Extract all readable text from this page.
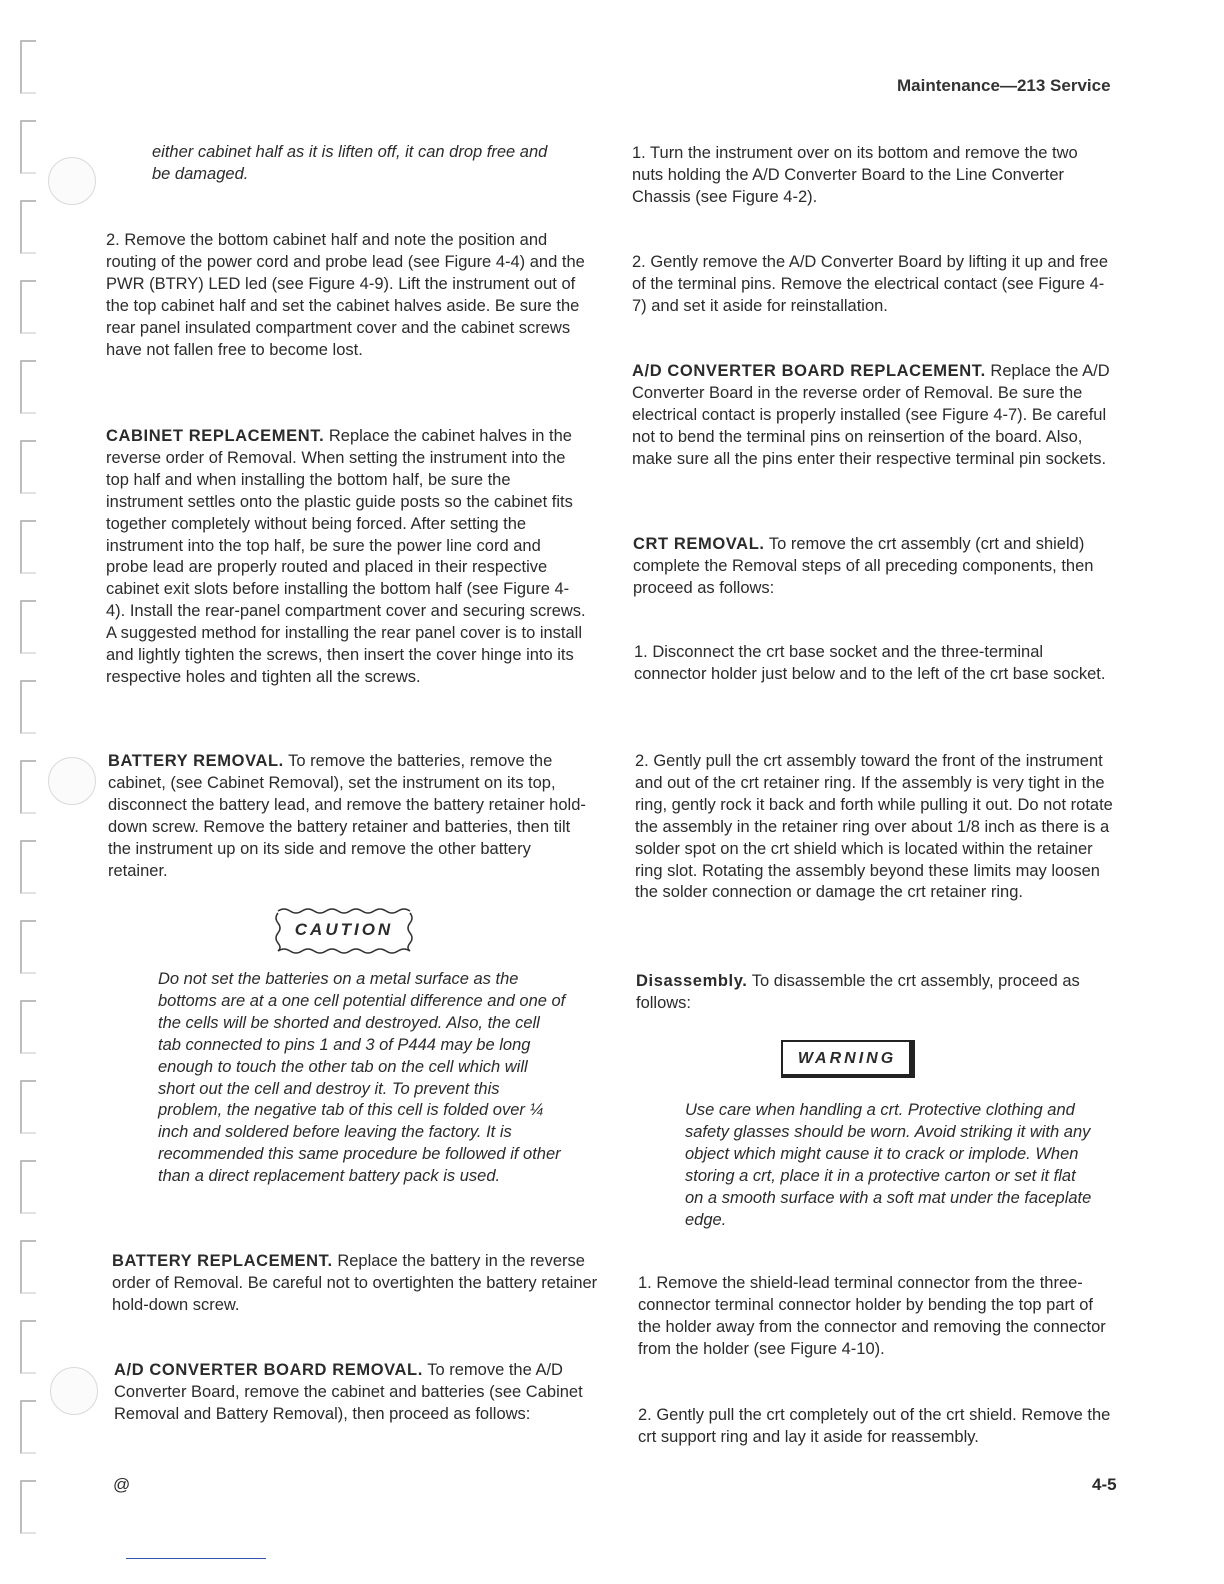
Maintenance—213 Service

either cabinet half as it is liften off, it can drop free and be damaged.

2. Remove the bottom cabinet half and note the position and routing of the power cord and probe lead (see Figure 4-4) and the PWR (BTRY) LED led (see Figure 4-9). Lift the instrument out of the top cabinet half and set the cabinet halves aside. Be sure the rear panel insulated compartment cover and the cabinet screws have not fallen free to become lost.

CABINET REPLACEMENT. Replace the cabinet halves in the reverse order of Removal. When setting the instrument into the top half and when installing the bottom half, be sure the instrument settles onto the plastic guide posts so the cabinet fits together completely without being forced. After setting the instrument into the top half, be sure the power line cord and probe lead are properly routed and placed in their respective cabinet exit slots before installing the bottom half (see Figure 4-4). Install the rear-panel compartment cover and securing screws. A suggested method for installing the rear panel cover is to install and lightly tighten the screws, then insert the cover hinge into its respective holes and tighten all the screws.

BATTERY REMOVAL. To remove the batteries, remove the cabinet, (see Cabinet Removal), set the instrument on its top, disconnect the battery lead, and remove the battery retainer hold-down screw. Remove the battery retainer and batteries, then tilt the instrument up on its side and remove the other battery retainer.

Do not set the batteries on a metal surface as the bottoms are at a one cell potential difference and one of the cells will be shorted and destroyed. Also, the cell tab connected to pins 1 and 3 of P444 may be long enough to touch the other tab on the cell which will short out the cell and destroy it. To prevent this problem, the negative tab of this cell is folded over ¼ inch and soldered before leaving the factory. It is recommended this same procedure be followed if other than a direct replacement battery pack is used.

BATTERY REPLACEMENT. Replace the battery in the reverse order of Removal. Be careful not to overtighten the battery retainer hold-down screw.

A/D CONVERTER BOARD REMOVAL. To remove the A/D Converter Board, remove the cabinet and batteries (see Cabinet Removal and Battery Removal), then proceed as follows:

CAUTION

1. Turn the instrument over on its bottom and remove the two nuts holding the A/D Converter Board to the Line Converter Chassis (see Figure 4-2).

2. Gently remove the A/D Converter Board by lifting it up and free of the terminal pins. Remove the electrical contact (see Figure 4-7) and set it aside for reinstallation.

A/D CONVERTER BOARD REPLACEMENT. Replace the A/D Converter Board in the reverse order of Removal. Be sure the electrical contact is properly installed (see Figure 4-7). Be careful not to bend the terminal pins on reinsertion of the board. Also, make sure all the pins enter their respective terminal pin sockets.

CRT REMOVAL. To remove the crt assembly (crt and shield) complete the Removal steps of all preceding components, then proceed as follows:

1. Disconnect the crt base socket and the three-terminal connector holder just below and to the left of the crt base socket.

2. Gently pull the crt assembly toward the front of the instrument and out of the crt retainer ring. If the assembly is very tight in the ring, gently rock it back and forth while pulling it out. Do not rotate the assembly in the retainer ring over about 1/8 inch as there is a solder spot on the crt shield which is located within the retainer ring slot. Rotating the assembly beyond these limits may loosen the solder connection or damage the crt retainer ring.

Disassembly. To disassemble the crt assembly, proceed as follows:

Use care when handling a crt. Protective clothing and safety glasses should be worn. Avoid striking it with any object which might cause it to crack or implode. When storing a crt, place it in a protective carton or set it flat on a smooth surface with a soft mat under the faceplate edge.

1. Remove the shield-lead terminal connector from the three-connector terminal connector holder by bending the top part of the holder away from the connector and removing the connector from the holder (see Figure 4-10).

2. Gently pull the crt completely out of the crt shield. Remove the crt support ring and lay it aside for reassembly.

WARNING
@	4-5
